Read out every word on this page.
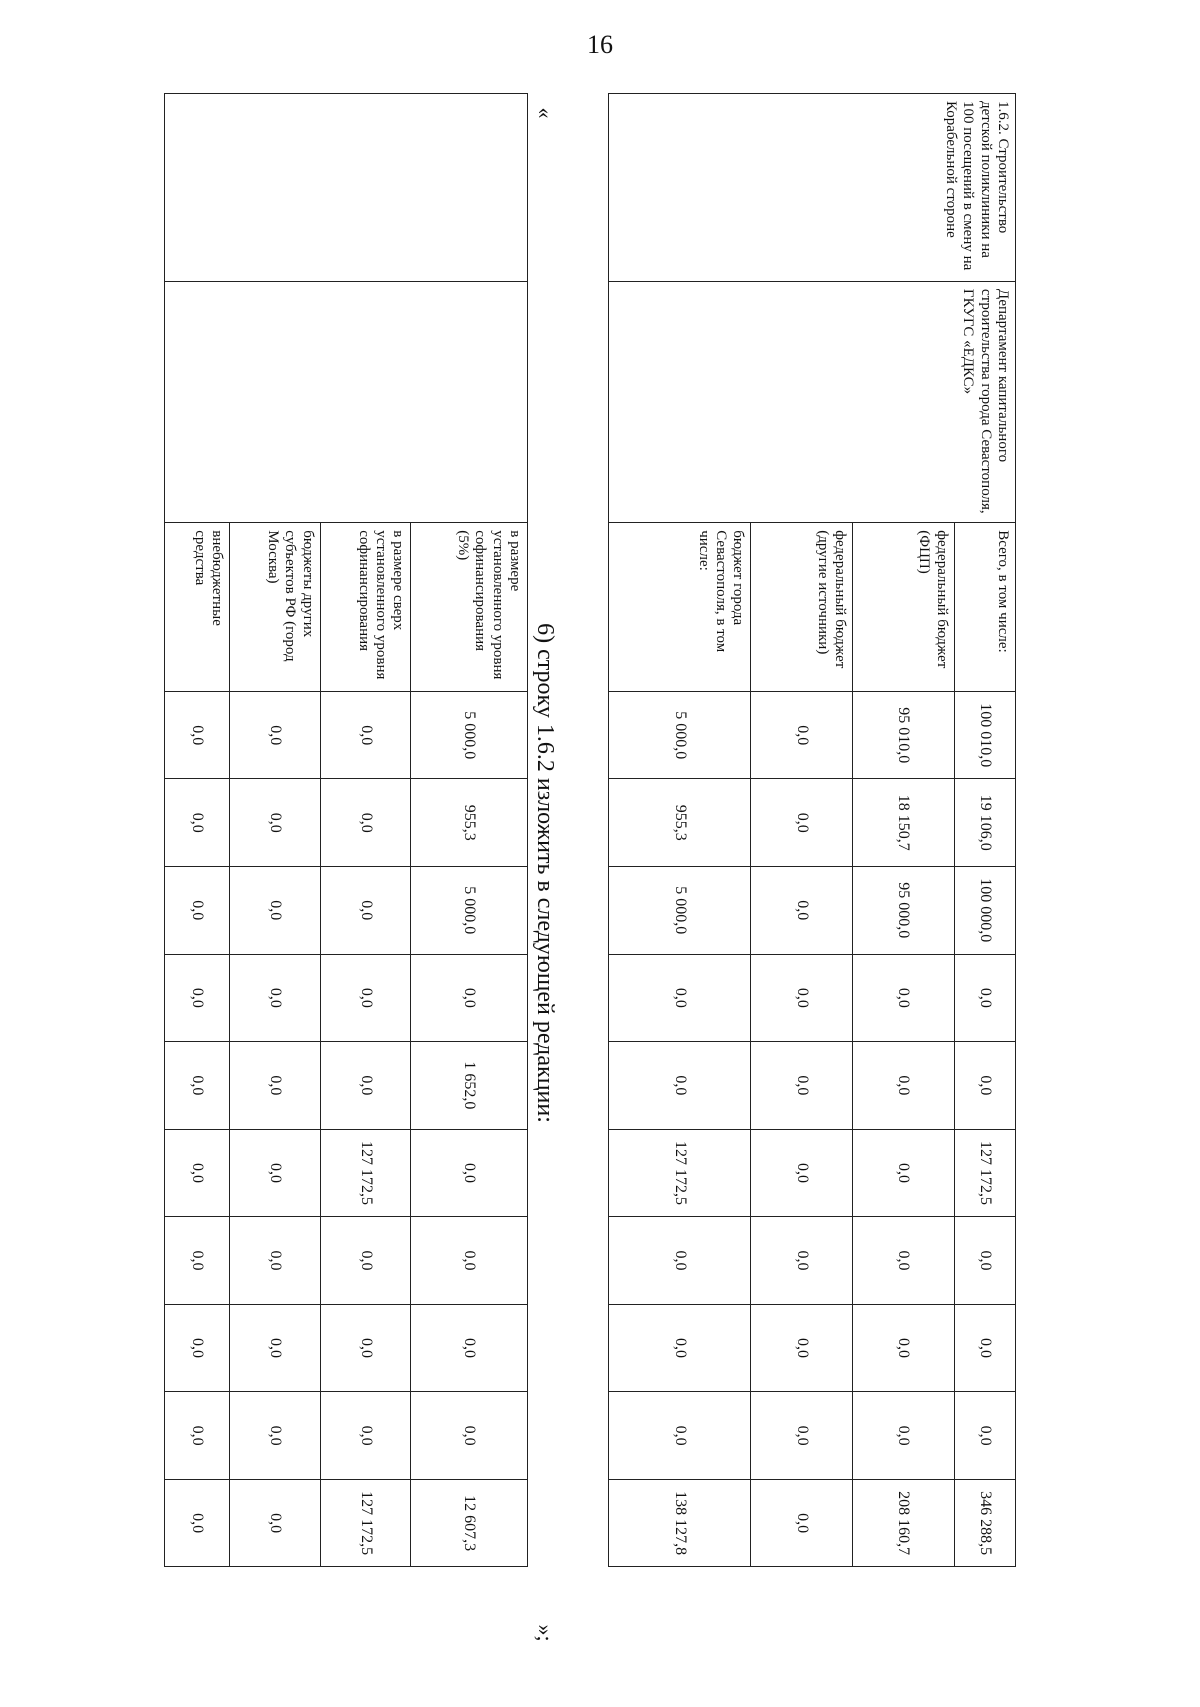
16
		в размере установленного уровня софинансирования (5%)	5 000,0	955,3	5 000,0	0,0	1 652,0	0,0	0,0	0,0	0,0	12 607,3
		в размере сверх установленного уровня софинансирования	0,0	0,0	0,0	0,0	0,0	127 172,5	0,0	0,0	0,0	127 172,5
		бюджеты других субъектов РФ (город Москва)	0,0	0,0	0,0	0,0	0,0	0,0	0,0	0,0	0,0	0,0
		внебюджетные средства	0,0	0,0	0,0	0,0	0,0	0,0	0,0	0,0	0,0	0,0
«
6) строку 1.6.2 изложить в следующей редакции:
»;
1.6.2. Строительство детской поликлиники на 100 посещений в смену на Корабельной стороне	Департамент капитального строительства города Севастополя, ГКУГС «ЕДКС»	Всего, в том числе:	100 010,0	19 106,0	100 000,0	0,0	0,0	127 172,5	0,0	0,0	0,0	346 288,5
		федеральный бюджет (ФЦП)	95 010,0	18 150,7	95 000,0	0,0	0,0	0,0	0,0	0,0	0,0	208 160,7
		федеральный бюджет (другие источники)	0,0	0,0	0,0	0,0	0,0	0,0	0,0	0,0	0,0	0,0
		бюджет города Севастополя, в том числе:	5 000,0	955,3	5 000,0	0,0	0,0	127 172,5	0,0	0,0	0,0	138 127,8
